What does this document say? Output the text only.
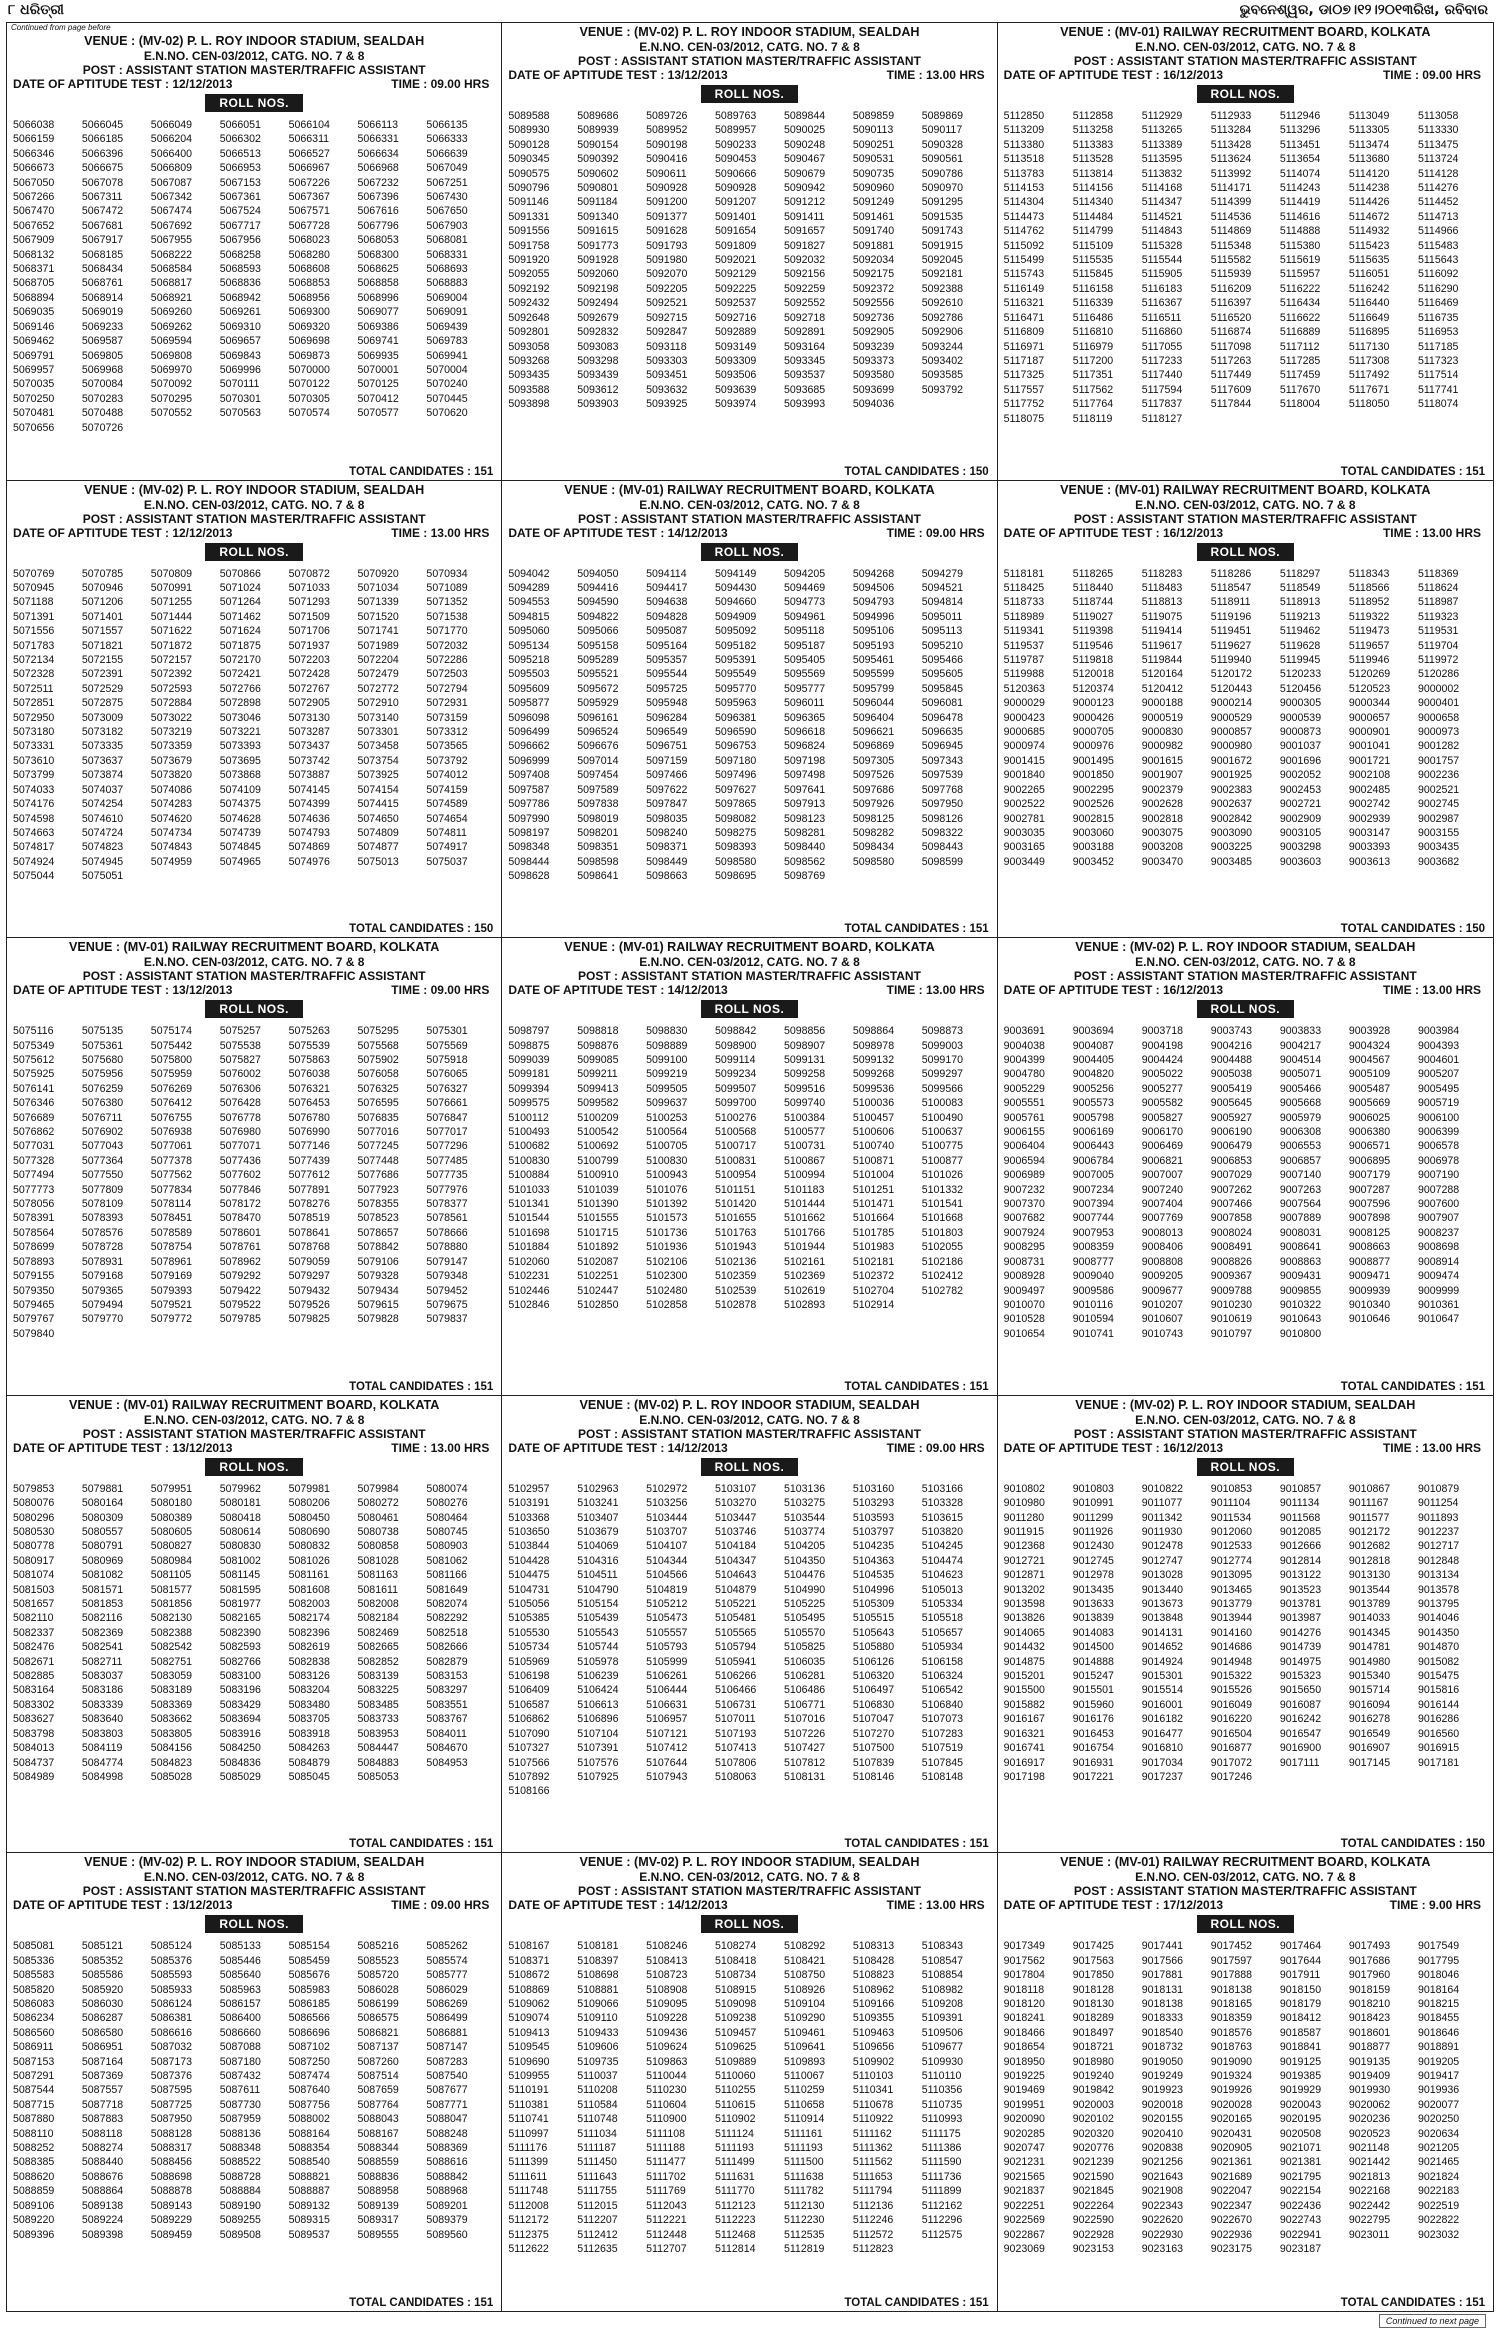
୮ ଧରିତ୍ରୀ	ଭୁବନେଶ୍ୱର, ଡା୦୭।୧୨।୨୦୧୩ରିଖ, ରବିବାର
Continued from page before
VENUE : (MV-02) P. L. ROY INDOOR STADIUM, SEALDAH
E.N.NO. CEN-03/2012, CATG. NO. 7 & 8
POST : ASSISTANT STATION MASTER/TRAFFIC ASSISTANT
DATE OF APTITUDE TEST : 12/12/2013	TIME : 09.00 HRS
ROLL NOS.
5066038	5066045	5066049	5066051	5066104	5066113	5066135
5066159	5066185	5066204	5066302	5066311	5066331	5066333
5066346	5066396	5066400	5066513	5066527	5066634	5066639
5066673	5066675	5066809	5066953	5066967	5066968	5067049
5067050	5067078	5067087	5067153	5067226	5067232	5067251
5067266	5067311	5067342	5067361	5067367	5067396	5067430
5067470	5067472	5067474	5067524	5067571	5067616	5067650
5067652	5067681	5067692	5067717	5067728	5067796	5067903
5067909	5067917	5067955	5067956	5068023	5068053	5068081
5068132	5068185	5068222	5068258	5068280	5068300	5068331
5068371	5068434	5068584	5068593	5068608	5068625	5068693
5068705	5068761	5068817	5068836	5068853	5068858	5068883
5068894	5068914	5068921	5068942	5068956	5068996	5069004
5069035	5069019	5069260	5069261	5069300	5069077	5069091
5069146	5069233	5069262	5069310	5069320	5069386	5069439
5069462	5069587	5069594	5069657	5069698	5069741	5069783
5069791	5069805	5069808	5069843	5069873	5069935	5069941
5069957	5069968	5069970	5069996	5070000	5070001	5070004
5070035	5070084	5070092	5070111	5070122	5070125	5070240
5070250	5070283	5070295	5070301	5070305	5070412	5070445
5070481	5070488	5070552	5070563	5070574	5070577	5070620
5070656	5070726
TOTAL CANDIDATES : 151
VENUE : (MV-02) P. L. ROY INDOOR STADIUM, SEALDAH
E.N.NO. CEN-03/2012, CATG. NO. 7 & 8
POST : ASSISTANT STATION MASTER/TRAFFIC ASSISTANT
DATE OF APTITUDE TEST : 13/12/2013	TIME : 13.00 HRS
ROLL NOS.
5089588	5089686	5089726	5089763	5089844	5089859	5089869
5089930	5089939	5089952	5089957	5090025	5090113	5090117
5090128	5090154	5090198	5090233	5090248	5090251	5090328
5090345	5090392	5090416	5090453	5090467	5090531	5090561
5090575	5090602	5090611	5090666	5090679	5090735	5090786
5090796	5090801	5090928	5090928	5090942	5090960	5090970
5091146	5091184	5091200	5091207	5091212	5091249	5091295
5091331	5091340	5091377	5091401	5091411	5091461	5091535
5091556	5091615	5091628	5091654	5091657	5091740	5091743
5091758	5091773	5091793	5091809	5091827	5091881	5091915
5091920	5091928	5091980	5092021	5092032	5092034	5092045
5092055	5092060	5092070	5092129	5092156	5092175	5092181
5092192	5092198	5092205	5092225	5092259	5092372	5092388
5092432	5092494	5092521	5092537	5092552	5092556	5092610
5092648	5092679	5092715	5092716	5092718	5092736	5092786
5092801	5092832	5092847	5092889	5092891	5092905	5092906
5093058	5093083	5093118	5093149	5093164	5093239	5093244
5093268	5093298	5093303	5093309	5093345	5093373	5093402
5093435	5093439	5093451	5093506	5093537	5093580	5093585
5093588	5093612	5093632	5093639	5093685	5093699	5093792
5093898	5093903	5093925	5093974	5093993	5094036
TOTAL CANDIDATES : 150
VENUE : (MV-01) RAILWAY RECRUITMENT BOARD, KOLKATA
E.N.NO. CEN-03/2012, CATG. NO. 7 & 8
POST : ASSISTANT STATION MASTER/TRAFFIC ASSISTANT
DATE OF APTITUDE TEST : 16/12/2013	TIME : 09.00 HRS
ROLL NOS.
5112850	5112858	5112929	5112933	5112946	5113049	5113058
5113209	5113258	5113265	5113284	5113296	5113305	5113330
5113380	5113383	5113389	5113428	5113451	5113474	5113475
5113518	5113528	5113595	5113624	5113654	5113680	5113724
5113783	5113814	5113832	5113992	5114074	5114120	5114128
5114153	5114156	5114168	5114171	5114243	5114238	5114276
5114304	5114340	5114347	5114399	5114419	5114426	5114452
5114473	5114484	5114521	5114536	5114616	5114672	5114713
5114762	5114799	5114843	5114869	5114888	5114932	5114966
5115092	5115109	5115328	5115348	5115380	5115423	5115483
5115499	5115535	5115544	5115582	5115619	5115635	5115643
5115743	5115845	5115905	5115939	5115957	5116051	5116092
5116149	5116158	5116183	5116209	5116222	5116242	5116290
5116321	5116339	5116367	5116397	5116434	5116440	5116469
5116471	5116486	5116511	5116520	5116622	5116649	5116735
5116809	5116810	5116860	5116874	5116889	5116895	5116953
5116971	5116979	5117055	5117098	5117112	5117130	5117185
5117187	5117200	5117233	5117263	5117285	5117308	5117323
5117325	5117351	5117440	5117449	5117459	5117492	5117514
5117557	5117562	5117594	5117609	5117670	5117671	5117741
5117752	5117764	5117837	5117844	5118004	5118050	5118074
5118075	5118119	5118127
TOTAL CANDIDATES : 151
VENUE : (MV-02) P. L. ROY INDOOR STADIUM, SEALDAH
E.N.NO. CEN-03/2012, CATG. NO. 7 & 8
POST : ASSISTANT STATION MASTER/TRAFFIC ASSISTANT
DATE OF APTITUDE TEST : 12/12/2013	TIME : 13.00 HRS
ROLL NOS.
5070769	5070785	5070809	5070866	5070872	5070920	5070934
5070945	5070946	5070991	5071024	5071033	5071034	5071089
5071188	5071206	5071255	5071264	5071293	5071339	5071352
5071391	5071401	5071444	5071462	5071509	5071520	5071538
5071556	5071557	5071622	5071624	5071706	5071741	5071770
5071783	5071821	5071872	5071875	5071937	5071989	5072032
5072134	5072155	5072157	5072170	5072203	5072204	5072286
5072328	5072391	5072392	5072421	5072428	5072479	5072503
5072511	5072529	5072593	5072766	5072767	5072772	5072794
5072851	5072875	5072884	5072898	5072905	5072910	5072931
5072950	5073009	5073022	5073046	5073130	5073140	5073159
5073180	5073182	5073219	5073221	5073287	5073301	5073312
5073331	5073335	5073359	5073393	5073437	5073458	5073565
5073610	5073637	5073679	5073695	5073742	5073754	5073792
5073799	5073874	5073820	5073868	5073887	5073925	5074012
5074033	5074037	5074086	5074109	5074145	5074154	5074159
5074176	5074254	5074283	5074375	5074399	5074415	5074589
5074598	5074610	5074620	5074628	5074636	5074650	5074654
5074663	5074724	5074734	5074739	5074793	5074809	5074811
5074817	5074823	5074843	5074845	5074869	5074877	5074917
5074924	5074945	5074959	5074965	5074976	5075013	5075037
5075044	5075051
TOTAL CANDIDATES : 150
VENUE : (MV-01) RAILWAY RECRUITMENT BOARD, KOLKATA
E.N.NO. CEN-03/2012, CATG. NO. 7 & 8
POST : ASSISTANT STATION MASTER/TRAFFIC ASSISTANT
DATE OF APTITUDE TEST : 14/12/2013	TIME : 09.00 HRS
ROLL NOS.
5094042	5094050	5094114	5094149	5094205	5094268	5094279
5094289	5094416	5094417	5094430	5094469	5094506	5094521
5094553	5094590	5094638	5094660	5094773	5094793	5094814
5094815	5094822	5094828	5094909	5094961	5094996	5095011
5095060	5095066	5095087	5095092	5095118	5095106	5095113
5095134	5095158	5095164	5095182	5095187	5095193	5095210
5095218	5095289	5095357	5095391	5095405	5095461	5095466
5095503	5095521	5095544	5095549	5095569	5095599	5095605
5095609	5095672	5095725	5095770	5095777	5095799	5095845
5095877	5095929	5095948	5095963	5096011	5096044	5096081
5096098	5096161	5096284	5096381	5096365	5096404	5096478
5096499	5096524	5096549	5096590	5096618	5096621	5096635
5096662	5096676	5096751	5096753	5096824	5096869	5096945
5096999	5097014	5097159	5097180	5097198	5097305	5097343
5097408	5097454	5097466	5097496	5097498	5097526	5097539
5097587	5097589	5097622	5097627	5097641	5097686	5097768
5097786	5097838	5097847	5097865	5097913	5097926	5097950
5097990	5098019	5098035	5098082	5098123	5098125	5098126
5098197	5098201	5098240	5098275	5098281	5098282	5098322
5098348	5098351	5098371	5098393	5098440	5098434	5098443
5098444	5098598	5098449	5098580	5098562	5098580	5098599
5098628	5098641	5098663	5098695	5098769
TOTAL CANDIDATES : 151
VENUE : (MV-01) RAILWAY RECRUITMENT BOARD, KOLKATA
E.N.NO. CEN-03/2012, CATG. NO. 7 & 8
POST : ASSISTANT STATION MASTER/TRAFFIC ASSISTANT
DATE OF APTITUDE TEST : 16/12/2013	TIME : 13.00 HRS
ROLL NOS.
5118181	5118265	5118283	5118286	5118297	5118343	5118369
5118425	5118440	5118483	5118547	5118549	5118566	5118624
5118733	5118744	5118813	5118911	5118913	5118952	5118987
5118989	5119027	5119075	5119196	5119213	5119322	5119323
5119341	5119398	5119414	5119451	5119462	5119473	5119531
5119537	5119546	5119617	5119627	5119628	5119657	5119704
5119787	5119818	5119844	5119940	5119945	5119946	5119972
5119988	5120018	5120164	5120172	5120233	5120269	5120286
5120363	5120374	5120412	5120443	5120456	5120523	9000002
9000029	9000123	9000188	9000214	9000305	9000344	9000401
9000423	9000426	9000519	9000529	9000539	9000657	9000658
9000685	9000705	9000830	9000857	9000873	9000901	9000973
9000974	9000976	9000982	9000980	9001037	9001041	9001282
9001415	9001495	9001615	9001672	9001696	9001721	9001757
9001840	9001850	9001907	9001925	9002052	9002108	9002236
9002265	9002295	9002379	9002383	9002453	9002485	9002521
9002522	9002526	9002628	9002637	9002721	9002742	9002745
9002781	9002815	9002818	9002842	9002909	9002939	9002987
9003035	9003060	9003075	9003090	9003105	9003147	9003155
9003165	9003188	9003208	9003225	9003298	9003393	9003435
9003449	9003452	9003470	9003485	9003603	9003613	9003682
TOTAL CANDIDATES : 150
VENUE : (MV-01) RAILWAY RECRUITMENT BOARD, KOLKATA
E.N.NO. CEN-03/2012, CATG. NO. 7 & 8
POST : ASSISTANT STATION MASTER/TRAFFIC ASSISTANT
DATE OF APTITUDE TEST : 13/12/2013	TIME : 09.00 HRS
ROLL NOS.
5075116	5075135	5075174	5075257	5075263	5075295	5075301
5075349	5075361	5075442	5075538	5075539	5075568	5075569
5075612	5075680	5075800	5075827	5075863	5075902	5075918
5075925	5075956	5075959	5076002	5076038	5076058	5076065
5076141	5076259	5076269	5076306	5076321	5076325	5076327
5076346	5076380	5076412	5076428	5076453	5076595	5076661
5076689	5076711	5076755	5076778	5076780	5076835	5076847
5076862	5076902	5076938	5076980	5076990	5077016	5077017
5077031	5077043	5077061	5077071	5077146	5077245	5077296
5077328	5077364	5077378	5077436	5077439	5077448	5077485
5077494	5077550	5077562	5077602	5077612	5077686	5077735
5077773	5077809	5077834	5077846	5077891	5077923	5077976
5078056	5078109	5078114	5078172	5078276	5078355	5078377
5078391	5078393	5078451	5078470	5078519	5078523	5078561
5078564	5078576	5078589	5078601	5078641	5078657	5078666
5078699	5078728	5078754	5078761	5078768	5078842	5078880
5078893	5078931	5078961	5078962	5079059	5079106	5079147
5079155	5079168	5079169	5079292	5079297	5079328	5079348
5079350	5079365	5079393	5079422	5079432	5079434	5079452
5079465	5079494	5079521	5079522	5079526	5079615	5079675
5079767	5079770	5079772	5079785	5079825	5079828	5079837
5079840
TOTAL CANDIDATES : 151
VENUE : (MV-01) RAILWAY RECRUITMENT BOARD, KOLKATA
E.N.NO. CEN-03/2012, CATG. NO. 7 & 8
POST : ASSISTANT STATION MASTER/TRAFFIC ASSISTANT
DATE OF APTITUDE TEST : 14/12/2013	TIME : 13.00 HRS
ROLL NOS.
5098797	5098818	5098830	5098842	5098856	5098864	5098873
5098875	5098876	5098889	5098900	5098907	5098978	5099003
5099039	5099085	5099100	5099114	5099131	5099132	5099170
5099181	5099211	5099219	5099234	5099258	5099268	5099297
5099394	5099413	5099505	5099507	5099516	5099536	5099566
5099575	5099582	5099637	5099700	5099740	5100036	5100083
5100112	5100209	5100253	5100276	5100384	5100457	5100490
5100493	5100542	5100564	5100568	5100577	5100606	5100637
5100682	5100692	5100705	5100717	5100731	5100740	5100775
5100830	5100799	5100830	5100831	5100867	5100871	5100877
5100884	5100910	5100943	5100954	5100994	5101004	5101026
5101033	5101039	5101076	5101151	5101183	5101251	5101332
5101341	5101390	5101392	5101420	5101444	5101471	5101541
5101544	5101555	5101573	5101655	5101662	5101664	5101668
5101698	5101715	5101736	5101763	5101766	5101785	5101803
5101884	5101892	5101936	5101943	5101944	5101983	5102055
5102060	5102087	5102106	5102136	5102161	5102181	5102186
5102231	5102251	5102300	5102359	5102369	5102372	5102412
5102446	5102447	5102480	5102539	5102619	5102704	5102782
5102846	5102850	5102858	5102878	5102893	5102914
TOTAL CANDIDATES : 151
VENUE : (MV-02) P. L. ROY INDOOR STADIUM, SEALDAH
E.N.NO. CEN-03/2012, CATG. NO. 7 & 8
POST : ASSISTANT STATION MASTER/TRAFFIC ASSISTANT
DATE OF APTITUDE TEST : 16/12/2013	TIME : 13.00 HRS
ROLL NOS.
9003691	9003694	9003718	9003743	9003833	9003928	9003984
9004038	9004087	9004198	9004216	9004217	9004324	9004393
9004399	9004405	9004424	9004488	9004514	9004567	9004601
9004780	9004820	9005022	9005038	9005071	9005109	9005207
9005229	9005256	9005277	9005419	9005466	9005487	9005495
9005551	9005573	9005582	9005645	9005668	9005669	9005719
9005761	9005798	9005827	9005927	9005979	9006025	9006100
9006155	9006169	9006170	9006190	9006308	9006380	9006399
9006404	9006443	9006469	9006479	9006553	9006571	9006578
9006594	9006784	9006821	9006853	9006857	9006895	9006978
9006989	9007005	9007007	9007029	9007140	9007179	9007190
9007232	9007234	9007240	9007262	9007263	9007287	9007288
9007370	9007394	9007404	9007466	9007564	9007596	9007600
9007682	9007744	9007769	9007858	9007889	9007898	9007907
9007924	9007953	9008013	9008024	9008031	9008125	9008237
9008295	9008359	9008406	9008491	9008641	9008663	9008698
9008731	9008777	9008808	9008826	9008863	9008877	9008914
9008928	9009040	9009205	9009367	9009431	9009471	9009474
9009497	9009586	9009677	9009788	9009855	9009939	9009999
9010070	9010116	9010207	9010230	9010322	9010340	9010361
9010528	9010594	9010607	9010619	9010643	9010646	9010647
9010654	9010741	9010743	9010797	9010800
TOTAL CANDIDATES : 151
VENUE : (MV-01) RAILWAY RECRUITMENT BOARD, KOLKATA
E.N.NO. CEN-03/2012, CATG. NO. 7 & 8
POST : ASSISTANT STATION MASTER/TRAFFIC ASSISTANT
DATE OF APTITUDE TEST : 13/12/2013	TIME : 13.00 HRS
ROLL NOS.
5079853	5079881	5079951	5079962	5079981	5079984	5080074
5080076	5080164	5080180	5080181	5080206	5080272	5080276
5080296	5080309	5080389	5080418	5080450	5080461	5080464
5080530	5080557	5080605	5080614	5080690	5080738	5080745
5080778	5080791	5080827	5080830	5080832	5080858	5080903
5080917	5080969	5080984	5081002	5081026	5081028	5081062
5081074	5081082	5081105	5081145	5081161	5081163	5081166
5081503	5081571	5081577	5081595	5081608	5081611	5081649
5081657	5081853	5081856	5081977	5082003	5082008	5082074
5082110	5082116	5082130	5082165	5082174	5082184	5082292
5082337	5082369	5082388	5082390	5082396	5082469	5082518
5082476	5082541	5082542	5082593	5082619	5082665	5082666
5082671	5082711	5082751	5082766	5082838	5082852	5082879
5082885	5083037	5083059	5083100	5083126	5083139	5083153
5083164	5083186	5083189	5083196	5083204	5083225	5083297
5083302	5083339	5083369	5083429	5083480	5083485	5083551
5083627	5083640	5083662	5083694	5083705	5083733	5083767
5083798	5083803	5083805	5083916	5083918	5083953	5084011
5084013	5084119	5084156	5084250	5084263	5084447	5084670
5084737	5084774	5084823	5084836	5084879	5084883	5084953
5084989	5084998	5085028	5085029	5085045	5085053
TOTAL CANDIDATES : 151
VENUE : (MV-02) P. L. ROY INDOOR STADIUM, SEALDAH
E.N.NO. CEN-03/2012, CATG. NO. 7 & 8
POST : ASSISTANT STATION MASTER/TRAFFIC ASSISTANT
DATE OF APTITUDE TEST : 14/12/2013	TIME : 09.00 HRS
ROLL NOS.
5102957	5102963	5102972	5103107	5103136	5103160	5103166
5103191	5103241	5103256	5103270	5103275	5103293	5103328
5103368	5103407	5103444	5103447	5103544	5103593	5103615
5103650	5103679	5103707	5103746	5103774	5103797	5103820
5103844	5104069	5104107	5104184	5104205	5104235	5104245
5104428	5104316	5104344	5104347	5104350	5104363	5104474
5104475	5104511	5104566	5104643	5104476	5104535	5104623
5104731	5104790	5104819	5104879	5104990	5104996	5105013
5105056	5105154	5105212	5105221	5105225	5105309	5105334
5105385	5105439	5105473	5105481	5105495	5105515	5105518
5105530	5105543	5105557	5105565	5105570	5105643	5105657
5105734	5105744	5105793	5105794	5105825	5105880	5105934
5105969	5105978	5105999	5105941	5106035	5106126	5106158
5106198	5106239	5106261	5106266	5106281	5106320	5106324
5106409	5106424	5106444	5106466	5106486	5106497	5106542
5106587	5106613	5106631	5106731	5106771	5106830	5106840
5106862	5106896	5106957	5107011	5107016	5107047	5107073
5107090	5107104	5107121	5107193	5107226	5107270	5107283
5107327	5107391	5107412	5107413	5107427	5107500	5107519
5107566	5107576	5107644	5107806	5107812	5107839	5107845
5107892	5107925	5107943	5108063	5108131	5108146	5108148
5108166
TOTAL CANDIDATES : 151
VENUE : (MV-02) P. L. ROY INDOOR STADIUM, SEALDAH
E.N.NO. CEN-03/2012, CATG. NO. 7 & 8
POST : ASSISTANT STATION MASTER/TRAFFIC ASSISTANT
DATE OF APTITUDE TEST : 16/12/2013	TIME : 13.00 HRS
ROLL NOS.
9010802	9010803	9010822	9010853	9010857	9010867	9010879
9010980	9010991	9011077	9011104	9011134	9011167	9011254
9011280	9011299	9011342	9011534	9011568	9011577	9011893
9011915	9011926	9011930	9012060	9012085	9012172	9012237
9012368	9012430	9012478	9012533	9012666	9012682	9012717
9012721	9012745	9012747	9012774	9012814	9012818	9012848
9012871	9012978	9013028	9013095	9013122	9013130	9013134
9013202	9013435	9013440	9013465	9013523	9013544	9013578
9013598	9013633	9013673	9013779	9013781	9013789	9013795
9013826	9013839	9013848	9013944	9013987	9014033	9014046
9014065	9014083	9014131	9014160	9014276	9014345	9014350
9014432	9014500	9014652	9014686	9014739	9014781	9014870
9014875	9014888	9014924	9014948	9014975	9014980	9015082
9015201	9015247	9015301	9015322	9015323	9015340	9015475
9015500	9015501	9015514	9015526	9015650	9015714	9015816
9015882	9015960	9016001	9016049	9016087	9016094	9016144
9016167	9016176	9016182	9016220	9016242	9016278	9016286
9016321	9016453	9016477	9016504	9016547	9016549	9016560
9016741	9016754	9016810	9016877	9016900	9016907	9016915
9016917	9016931	9017034	9017072	9017111	9017145	9017181
9017198	9017221	9017237	9017246
TOTAL CANDIDATES : 150
VENUE : (MV-02) P. L. ROY INDOOR STADIUM, SEALDAH
E.N.NO. CEN-03/2012, CATG. NO. 7 & 8
POST : ASSISTANT STATION MASTER/TRAFFIC ASSISTANT
DATE OF APTITUDE TEST : 13/12/2013	TIME : 09.00 HRS
ROLL NOS.
5085081	5085121	5085124	5085133	5085154	5085216	5085262
5085336	5085352	5085376	5085446	5085459	5085523	5085574
5085583	5085586	5085593	5085640	5085676	5085720	5085777
5085820	5085920	5085933	5085963	5085983	5086028	5086029
5086083	5086030	5086124	5086157	5086185	5086199	5086269
5086234	5086287	5086381	5086400	5086566	5086575	5086499
5086560	5086580	5086616	5086660	5086696	5086821	5086881
5086911	5086951	5087032	5087088	5087102	5087137	5087147
5087153	5087164	5087173	5087180	5087250	5087260	5087283
5087291	5087369	5087376	5087432	5087474	5087514	5087540
5087544	5087557	5087595	5087611	5087640	5087659	5087677
5087715	5087718	5087725	5087730	5087756	5087764	5087771
5087880	5087883	5087950	5087959	5088002	5088043	5088047
5088110	5088118	5088128	5088136	5088164	5088167	5088248
5088252	5088274	5088317	5088348	5088354	5088344	5088369
5088385	5088440	5088456	5088522	5088540	5088559	5088616
5088620	5088676	5088698	5088728	5088821	5088836	5088842
5088859	5088864	5088878	5088884	5088887	5088958	5088968
5089106	5089138	5089143	5089190	5089132	5089139	5089201
5089220	5089224	5089229	5089255	5089315	5089317	5089379
5089396	5089398	5089459	5089508	5089537	5089555	5089560
TOTAL CANDIDATES : 151
VENUE : (MV-02) P. L. ROY INDOOR STADIUM, SEALDAH
E.N.NO. CEN-03/2012, CATG. NO. 7 & 8
POST : ASSISTANT STATION MASTER/TRAFFIC ASSISTANT
DATE OF APTITUDE TEST : 14/12/2013	TIME : 13.00 HRS
ROLL NOS.
5108167	5108181	5108246	5108274	5108292	5108313	5108343
5108371	5108397	5108413	5108418	5108421	5108428	5108547
5108672	5108698	5108723	5108734	5108750	5108823	5108854
5108869	5108881	5108908	5108915	5108926	5108962	5108982
5109062	5109066	5109095	5109098	5109104	5109166	5109208
5109074	5109110	5109228	5109238	5109290	5109355	5109391
5109413	5109433	5109436	5109457	5109461	5109463	5109506
5109545	5109606	5109624	5109625	5109641	5109656	5109677
5109690	5109735	5109863	5109889	5109893	5109902	5109930
5109955	5110037	5110044	5110060	5110067	5110103	5110110
5110191	5110208	5110230	5110255	5110259	5110341	5110356
5110381	5110584	5110604	5110615	5110658	5110678	5110735
5110741	5110748	5110900	5110902	5110914	5110922	5110993
5110997	5111034	5111108	5111124	5111161	5111162	5111175
5111176	5111187	5111188	5111193	5111193	5111362	5111386
5111399	5111450	5111477	5111499	5111500	5111562	5111590
5111611	5111643	5111702	5111631	5111638	5111653	5111736
5111748	5111755	5111769	5111770	5111782	5111794	5111899
5112008	5112015	5112043	5112123	5112130	5112136	5112162
5112172	5112207	5112221	5112223	5112230	5112246	5112296
5112375	5112412	5112448	5112468	5112535	5112572	5112575
5112622	5112635	5112707	5112814	5112819	5112823
TOTAL CANDIDATES : 151
VENUE : (MV-01) RAILWAY RECRUITMENT BOARD, KOLKATA
E.N.NO. CEN-03/2012, CATG. NO. 7 & 8
POST : ASSISTANT STATION MASTER/TRAFFIC ASSISTANT
DATE OF APTITUDE TEST : 17/12/2013	TIME : 9.00 HRS
ROLL NOS.
9017349	9017425	9017441	9017452	9017464	9017493	9017549
9017562	9017563	9017566	9017597	9017644	9017686	9017795
9017804	9017850	9017881	9017888	9017911	9017960	9018046
9018118	9018128	9018131	9018138	9018150	9018159	9018164
9018120	9018130	9018138	9018165	9018179	9018210	9018215
9018241	9018289	9018333	9018359	9018412	9018423	9018455
9018466	9018497	9018540	9018576	9018587	9018601	9018646
9018654	9018721	9018732	9018763	9018841	9018877	9018891
9018950	9018980	9019050	9019090	9019125	9019135	9019205
9019225	9019240	9019249	9019324	9019385	9019409	9019417
9019469	9019842	9019923	9019926	9019929	9019930	9019936
9019951	9020003	9020018	9020028	9020043	9020062	9020077
9020090	9020102	9020155	9020165	9020195	9020236	9020250
9020285	9020320	9020410	9020431	9020508	9020523	9020634
9020747	9020776	9020838	9020905	9021071	9021148	9021205
9021231	9021239	9021256	9021361	9021381	9021442	9021465
9021565	9021590	9021643	9021689	9021795	9021813	9021824
9021837	9021845	9021908	9022047	9022154	9022168	9022183
9022251	9022264	9022343	9022347	9022436	9022442	9022519
9022569	9022590	9022620	9022670	9022743	9022795	9022822
9022867	9022928	9022930	9022936	9022941	9023011	9023032
9023069	9023153	9023163	9023175	9023187
TOTAL CANDIDATES : 151
Continued to next page
